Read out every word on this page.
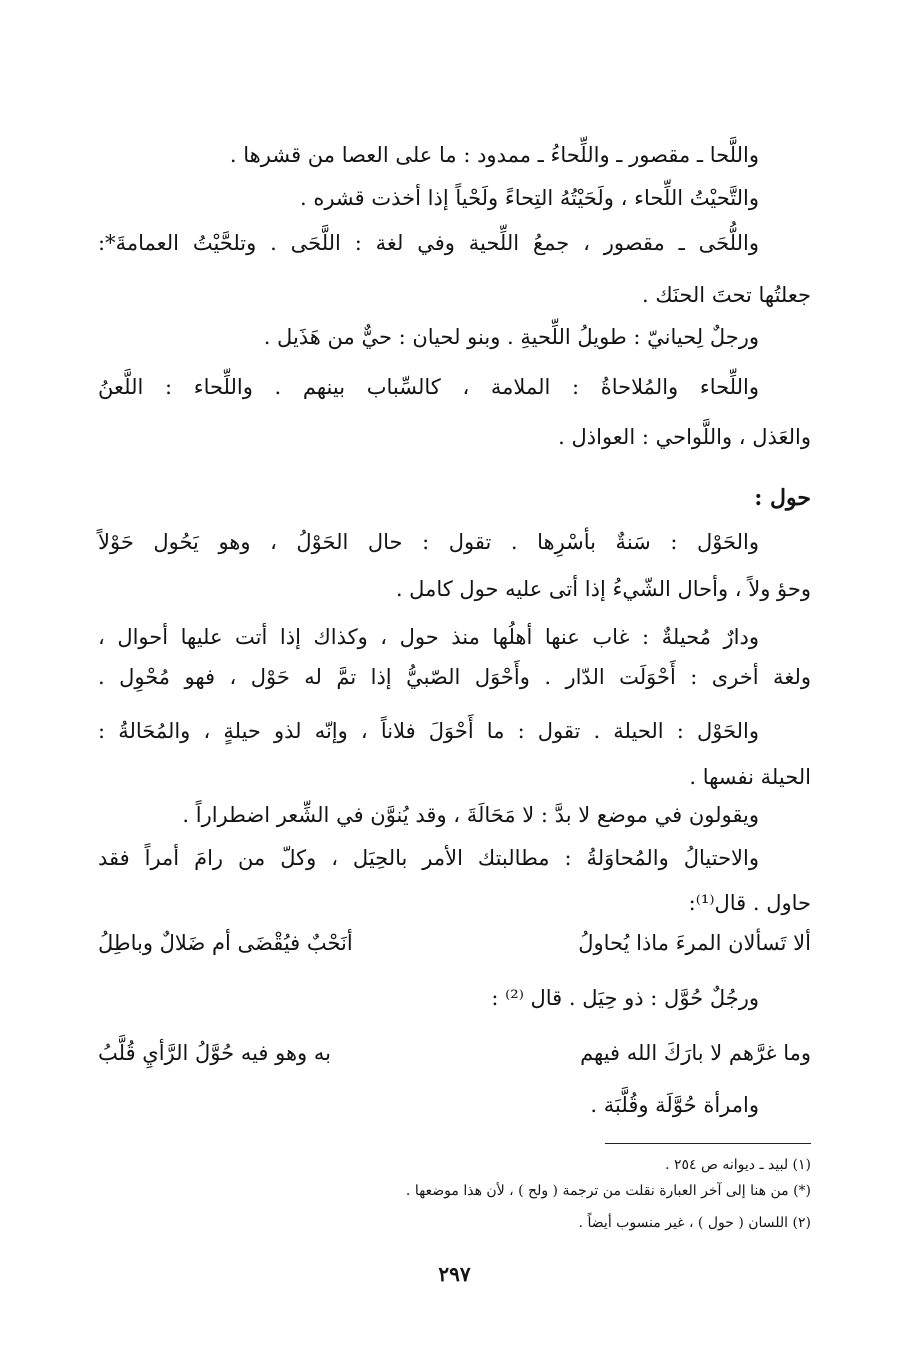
واللَّحا ـ مقصور ـ واللِّحاءُ ـ ممدود : ما على العصا من قشرها .
والتَّحيْتُ اللِّحاء ، ولَحَيْتُهُ التِحاءً ولَحْياً إذا أخذت قشره .
واللُّحَى ـ مقصور ، جمعُ اللِّحية وفي لغة : اللَّحَى . وتلحَّيْتُ العمامةَ*:
جعلتُها تحتَ الحنَك .
ورجلٌ لِحيانيّ : طويلُ اللِّحيةِ . وبنو لحيان : حيٌّ من هَذَيل .
واللِّحاء والمُلاحاةُ : الملامة ، كالسِّباب بينهم . واللِّحاء : اللَّعنُ
والعَذل ، واللَّواحي : العواذل .
حول :
والحَوْل : سَنةٌ بأسْرِها . تقول : حال الحَوْلُ ، وهو يَحُول حَوْلاً
وحؤ ولاً ، وأحال الشّيءُ إذا أتى عليه حول كامل .
ودارٌ مُحيلةٌ : غاب عنها أهلُها منذ حول ، وكذاك إذا أتت عليها أحوال ،
ولغة أخرى : أَحْوَلَت الدّار . وأَحْوَل الصّبيُّ إذا تمَّ له حَوْل ، فهو مُحْوِل .
والحَوْل : الحيلة . تقول : ما أَحْوَلَ فلاناً ، وإنّه لذو حيلةٍ ، والمُحَالةُ :
الحيلة نفسها .
ويقولون في موضع لا بدَّ : لا مَحَالَةَ ، وقد يُنوَّن في الشِّعر اضطراراً .
والاحتيالُ والمُحاوَلةُ : مطالبتك الأمر بالحِيَل ، وكلّ من رامَ أمراً فقد
حاول . قال⁽¹⁾:
ألا تَسألان المرءَ ماذا يُحاولُ
أنَحْبٌ فيُقْضَى أم ضَلالٌ وباطِلُ
ورجُلٌ حُوَّل : ذو حِيَل . قال ⁽²⁾ :
وما غرَّهم لا بارَكَ الله فيهم
به وهو فيه حُوَّلُ الرَّأيِ قُلَّبُ
وامرأة حُوَّلَة وقُلَّبَة .
(١) لبيد ـ ديوانه ص ٢٥٤ .
(*) من هنا إلى آخر العبارة نقلت من ترجمة ( ولح ) ، لأن هذا موضعها .
(٢) اللسان ( حول ) ، غير منسوب أيضاً .
٢٩٧
